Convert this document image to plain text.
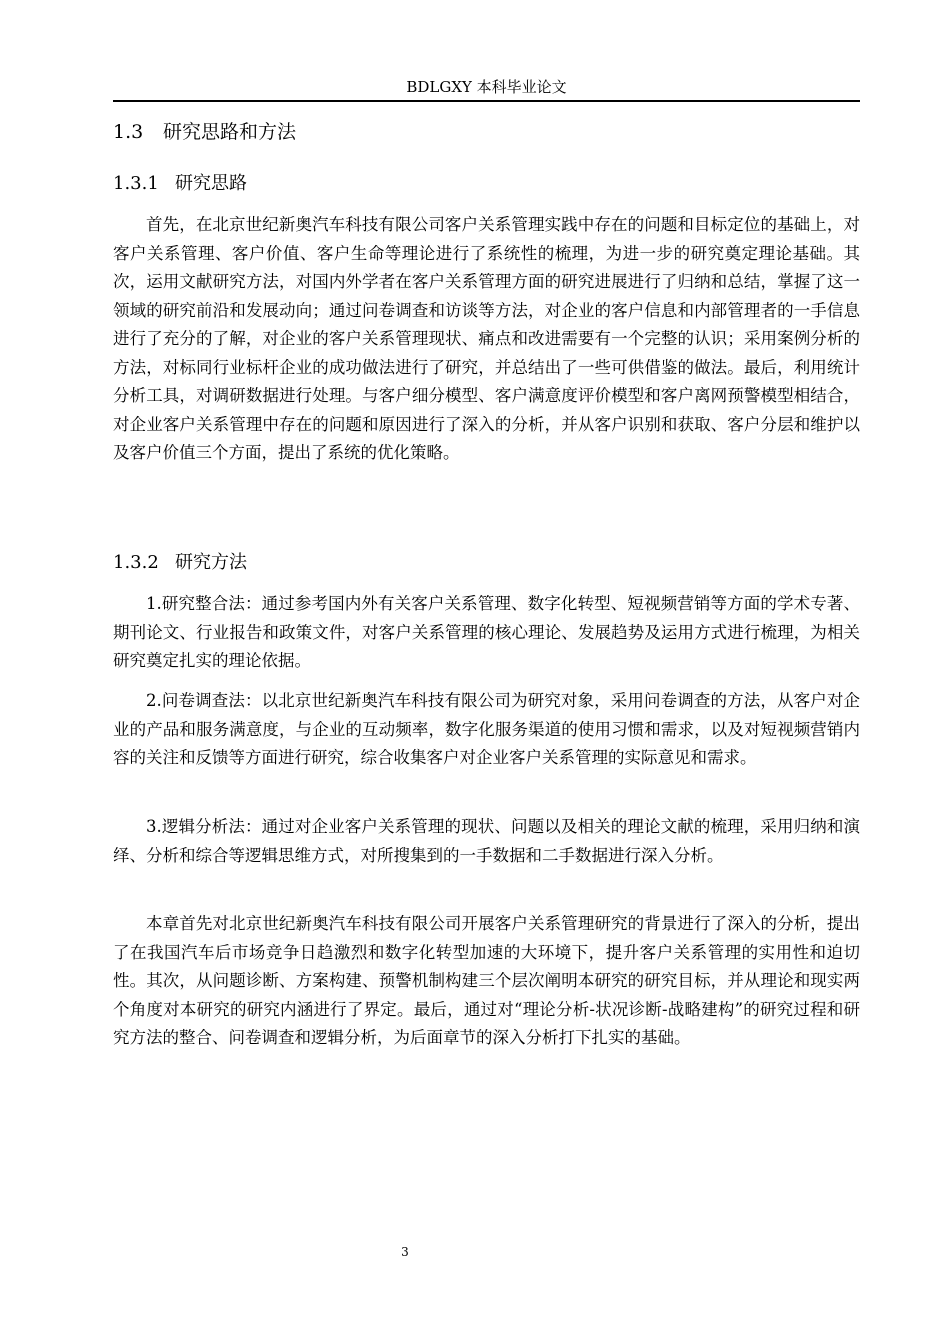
BDLGXY 本科毕业论文
1.3 研究思路和方法
1.3.1 研究思路

首先，在北京世纪新奥汽车科技有限公司客户关系管理实践中存在的问题和目标定位的基础上，对客户关系管理、客户价值、客户生命等理论进行了系统性的梳理，为进一步的研究奠定理论基础。其次，运用文献研究方法，对国内外学者在客户关系管理方面的研究进展进行了归纳和总结，掌握了这一领域的研究前沿和发展动向；通过问卷调查和访谈等方法，对企业的客户信息和内部管理者的一手信息进行了充分的了解，对企业的客户关系管理现状、痛点和改进需要有一个完整的认识；采用案例分析的方法，对标同行业标杆企业的成功做法进行了研究，并总结出了一些可供借鉴的做法。最后，利用统计分析工具，对调研数据进行处理。与客户细分模型、客户满意度评价模型和客户离网预警模型相结合，对企业客户关系管理中存在的问题和原因进行了深入的分析，并从客户识别和获取、客户分层和维护以及客户价值三个方面，提出了系统的优化策略。

1.3.2 研究方法

1.研究整合法：通过参考国内外有关客户关系管理、数字化转型、短视频营销等方面的学术专著、期刊论文、行业报告和政策文件，对客户关系管理的核心理论、发展趋势及运用方式进行梳理，为相关研究奠定扎实的理论依据。

2.问卷调查法：以北京世纪新奥汽车科技有限公司为研究对象，采用问卷调查的方法，从客户对企业的产品和服务满意度，与企业的互动频率，数字化服务渠道的使用习惯和需求，以及对短视频营销内容的关注和反馈等方面进行研究，综合收集客户对企业客户关系管理的实际意见和需求。

3.逻辑分析法：通过对企业客户关系管理的现状、问题以及相关的理论文献的梳理，采用归纳和演绎、分析和综合等逻辑思维方式，对所搜集到的一手数据和二手数据进行深入分析。

本章首先对北京世纪新奥汽车科技有限公司开展客户关系管理研究的背景进行了深入的分析，提出了在我国汽车后市场竞争日趋激烈和数字化转型加速的大环境下，提升客户关系管理的实用性和迫切性。其次，从问题诊断、方案构建、预警机制构建三个层次阐明本研究的研究目标，并从理论和现实两个角度对本研究的研究内涵进行了界定。最后，通过对“理论分析-状况诊断-战略建构”的研究过程和研究方法的整合、问卷调查和逻辑分析，为后面章节的深入分析打下扎实的基础。

3
